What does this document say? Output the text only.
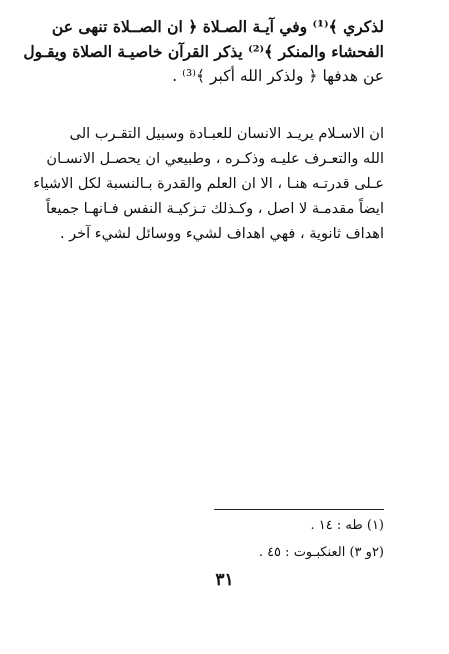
لذكري ﴾⁽¹⁾ وفي آيـة الصـلاة ﴿ ان الصــلاة تنهى عن
الفحشاء والمنكر ﴾⁽²⁾ يذكر القرآن خاصيـة الصلاة ويقـول
عن هدفها ﴿ ولذكر الله أكبر ﴾⁽³⁾ .
ان الاسـلام يريـد الانسان للعبـادة وسبيل التقـرب الى
الله والتعـرف عليـه وذكـره ، وطبيعي ان يحصـل الانسـان
عـلى قدرتـه هنـا ، الا ان العلم والقدرة بـالنسبة لكل الاشياء
ايضاً مقدمـة لا اصل ، وكـذلك تـزكيـة النفس فـانهـا جميعاً
اهداف ثانوية ، فهي اهداف لشيء ووسائل لشيء آخر .
(١) طه : ١٤ .
(٢و ٣) العنكبـوت : ٤٥ .
٣١
